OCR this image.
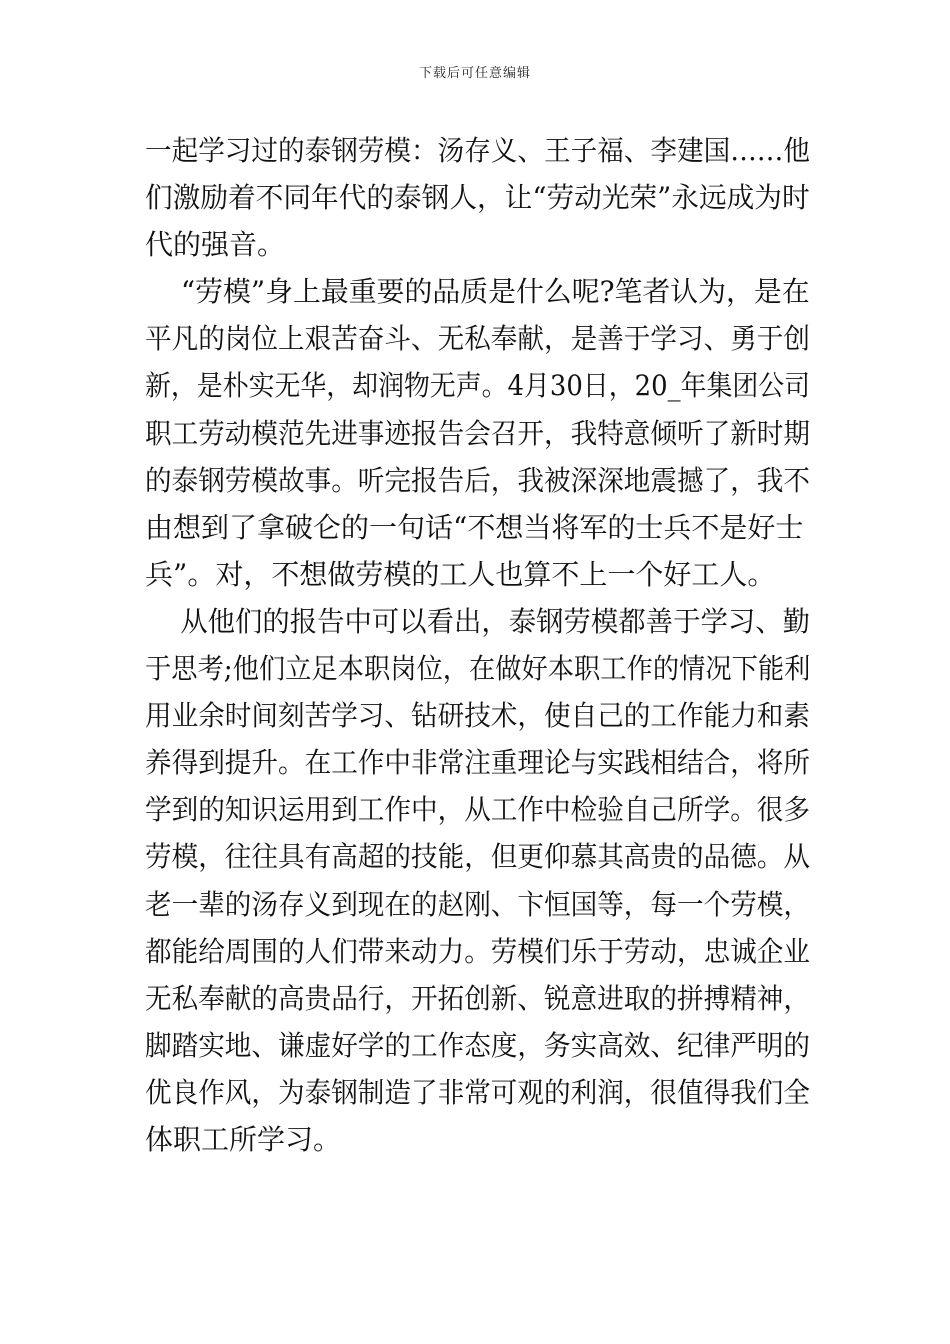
下载后可任意编辑
一起学习过的泰钢劳模：汤存义、王子福、李建国……他
们激励着不同年代的泰钢人，让“劳动光荣”永远成为时
代的强音。
“劳模”身上最重要的品质是什么呢?笔者认为，是在
平凡的岗位上艰苦奋斗、无私奉献，是善于学习、勇于创
新，是朴实无华，却润物无声。4月30日，20_年集团公司
职工劳动模范先进事迹报告会召开，我特意倾听了新时期
的泰钢劳模故事。听完报告后，我被深深地震撼了，我不
由想到了拿破仑的一句话“不想当将军的士兵不是好士
兵”。对，不想做劳模的工人也算不上一个好工人。
从他们的报告中可以看出，泰钢劳模都善于学习、勤
于思考;他们立足本职岗位，在做好本职工作的情况下能利
用业余时间刻苦学习、钻研技术，使自己的工作能力和素
养得到提升。在工作中非常注重理论与实践相结合，将所
学到的知识运用到工作中，从工作中检验自己所学。很多
劳模，往往具有高超的技能，但更仰慕其高贵的品德。从
老一辈的汤存义到现在的赵刚、卞恒国等，每一个劳模，
都能给周围的人们带来动力。劳模们乐于劳动，忠诚企业
无私奉献的高贵品行，开拓创新、锐意进取的拼搏精神，
脚踏实地、谦虚好学的工作态度，务实高效、纪律严明的
优良作风，为泰钢制造了非常可观的利润，很值得我们全
体职工所学习。
